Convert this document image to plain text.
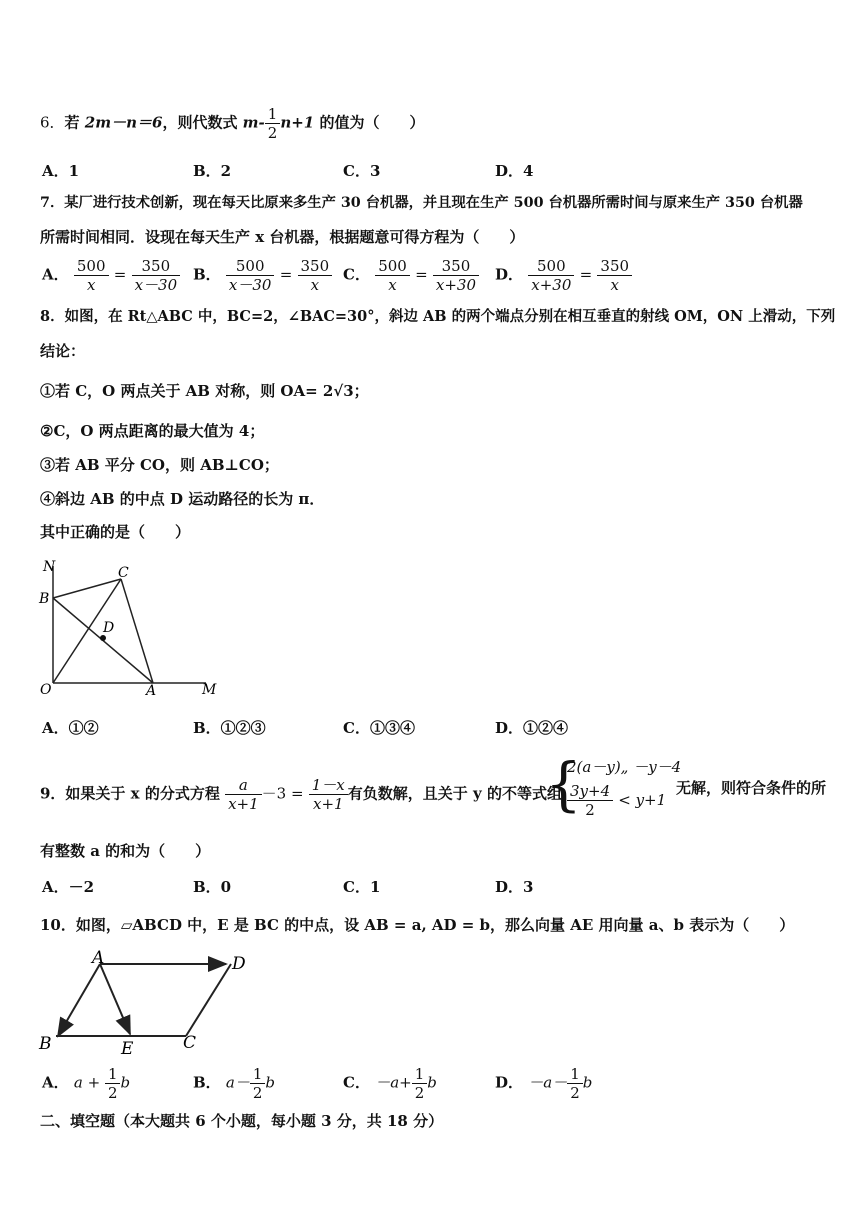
6．若 2m－n＝6，则代数式 $m- \frac{1}{2} n+1$ 的值为（　　）
A．1	B．2	C．3	D．4
7．某厂进行技术创新，现在每天比原来多生产 30 台机器，并且现在生产 500 台机器所需时间与原来生产 350 台机器
所需时间相同．设现在每天生产 x 台机器，根据题意可得方程为（　　）
A． $\frac{500}{x} = \frac{350}{x-30}$ B． $\frac{500}{x-30} = \frac{350}{x}$ C． $\frac{500}{x} = \frac{350}{x+30}$ D． $\frac{500}{x+30} = \frac{350}{x}$
8．如图，在 Rt△ABC 中，BC=2，∠BAC=30°，斜边 AB 的两个端点分别在相互垂直的射线 OM，ON 上滑动，下列
结论：
①若 C，O 两点关于 AB 对称，则 OA= 2√3；
②C，O 两点距离的最大值为 4；
③若 AB 平分 CO，则 AB⊥CO；
④斜边 AB 的中点 D 运动路径的长为 π．
其中正确的是（　　）
N	C
B
D
O	A	M
A．①②	B．①②③	C．①③④	D．①②④
9．如果关于 x 的分式方程 $\frac{a}{x+1} -3 = \frac{1-x}{x+1}$ 有负数解，且关于 y 的不等式组
{
2(a－y)„ －y－4
$\frac{3y+4}{2} < y+1$
无解，则符合条件的所
有整数 a 的和为（　　）
A．－2	B．0	C．1	D．3
10．如图，▱ABCD 中，E 是 BC 的中点，设 AB = a, AD = b，那么向量 AE 用向量 a、b 表示为（　　）
A	D
B	E	C
A． $a + \frac{1}{2}$ b	B． $a- \frac{1}{2}$ b	C． $-a+ \frac{1}{2}$ b	D． $-a- \frac{1}{2}$ b
二、填空题（本大题共 6 个小题，每小题 3 分，共 18 分）
